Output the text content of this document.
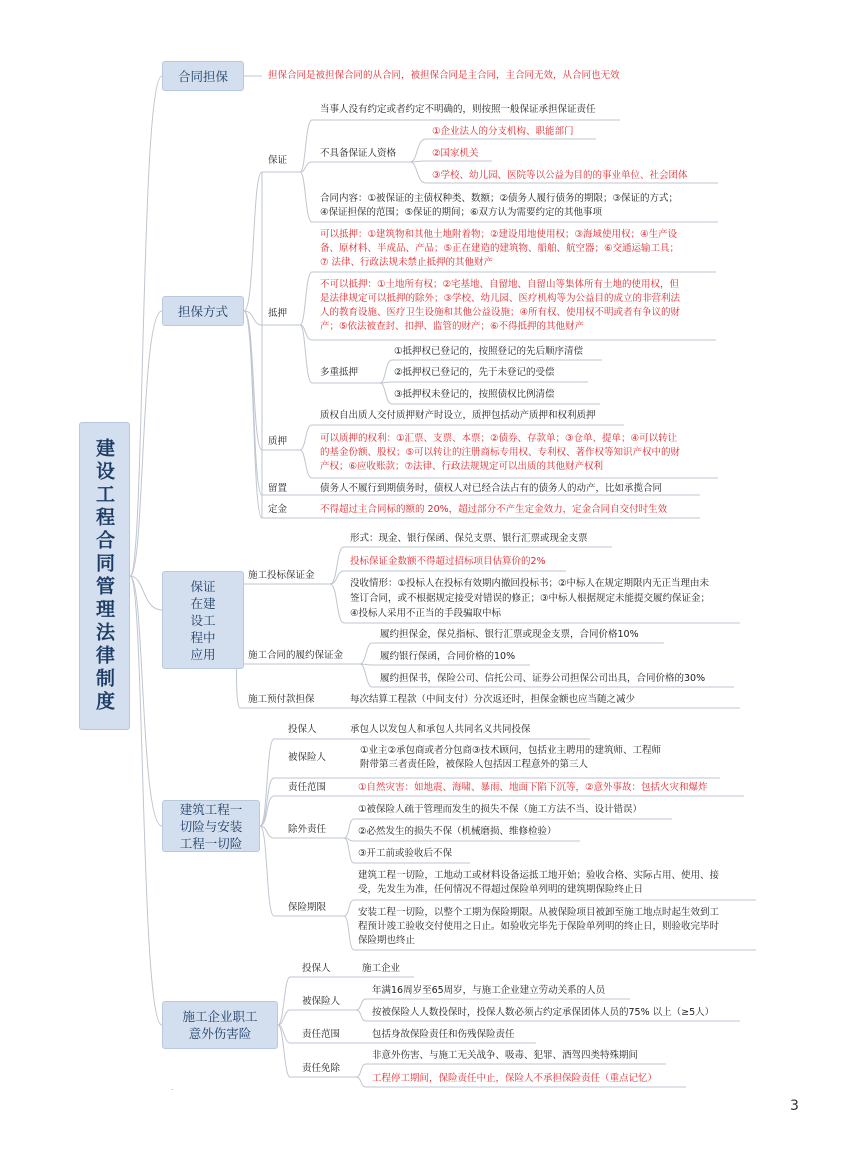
建设工程合同管理法律制度
合同担保	担保合同是被担保合同的从合同，被担保合同是主合同，主合同无效，从合同也无效
担保方式
保证
当事人没有约定或者约定不明确的，则按照一般保证承担保证责任
不具备保证人资格
①企业法人的分支机构、职能部门
②国家机关
③学校、幼儿园、医院等以公益为目的的事业单位、社会团体
合同内容：①被保证的主债权种类、数额；②债务人履行债务的期限；③保证的方式；
④保证担保的范围；⑤保证的期间；⑥双方认为需要约定的其他事项
抵押
可以抵押：①建筑物和其他土地附着物；②建设用地使用权；③海域使用权；④生产设
备、原材料、半成品、产品；⑤正在建造的建筑物、船舶、航空器；⑥交通运输工具；
⑦ 法律、行政法规未禁止抵押的其他财产
不可以抵押：①土地所有权；②宅基地、自留地、自留山等集体所有土地的使用权，但
是法律规定可以抵押的除外；③学校、幼儿园、医疗机构等为公益目的成立的非营利法
人的教育设施、医疗卫生设施和其他公益设施；④所有权、使用权不明或者有争议的财
产；⑤依法被查封、扣押、监管的财产；⑥不得抵押的其他财产
多重抵押
①抵押权已登记的，按照登记的先后顺序清偿
②抵押权已登记的，先于未登记的受偿
③抵押权未登记的，按照债权比例清偿
质押
质权自出质人交付质押财产时设立，质押包括动产质押和权利质押
可以质押的权利：①汇票、支票、本票；②债券、存款单；③仓单、提单；④可以转让
的基金份额、股权；⑤可以转让的注册商标专用权、专利权、著作权等知识产权中的财
产权；⑥应收账款；⑦法律、行政法规规定可以出质的其他财产权利
留置	债务人不履行到期债务时，债权人对已经合法占有的债务人的动产，比如承揽合同
定金	不得超过主合同标的额的 20%，超过部分不产生定金效力，定金合同自交付时生效
保证
在建
设工
程中
应用
施工投标保证金
形式：现金、银行保函、保兑支票、银行汇票或现金支票
投标保证金数额不得超过招标项目估算价的2%
没收情形：①投标人在投标有效期内撤回投标书；②中标人在规定期限内无正当理由未
签订合同，或不根据规定接受对错误的修正；③中标人根据规定未能提交履约保证金；
④投标人采用不正当的手段骗取中标
施工合同的履约保证金
履约担保金，保兑指标、银行汇票或现金支票，合同价格10%
履约银行保函，合同价格的10%
履约担保书，保险公司、信托公司、证券公司担保公司出具，合同价格的30%
施工预付款担保	每次结算工程款（中间支付）分次返还时，担保金额也应当随之减少
建筑工程一
切险与安装
工程一切险
投保人	承包人以发包人和承包人共同名义共同投保
被保险人
①业主②承包商或者分包商③技术顾问，包括业主聘用的建筑师、工程师
附带第三者责任险，被保险人包括因工程意外的第三人
责任范围	①自然灾害：如地震、海啸、暴雨、地面下陷下沉等，②意外事故：包括火灾和爆炸
除外责任
①被保险人疏于管理而发生的损失不保（施工方法不当、设计错误）
②必然发生的损失不保（机械磨损、维修检验）
③开工前或验收后不保
保险期限
建筑工程一切险，工地动工或材料设备运抵工地开始；验收合格、实际占用、使用、接
受，先发生为准，任何情况不得超过保险单列明的建筑期保险终止日
安装工程一切险，以整个工期为保险期限。从被保险项目被卸至施工地点时起生效到工
程预计竣工验收交付使用之日止。如验收完毕先于保险单列明的终止日，则验收完毕时
保险期也终止
施工企业职工
意外伤害险
投保人	施工企业
被保险人
年满16周岁至65周岁，与施工企业建立劳动关系的人员
按被保险人人数投保时，投保人数必须占约定承保团体人员的75% 以上（≥5人）
责任范围	包括身故保险责任和伤残保险责任
责任免除
非意外伤害、与施工无关战争、吸毒、犯罪、酒驾四类特殊期间
工程停工期间，保险责任中止，保险人不承担保险责任（重点记忆）
.
3
